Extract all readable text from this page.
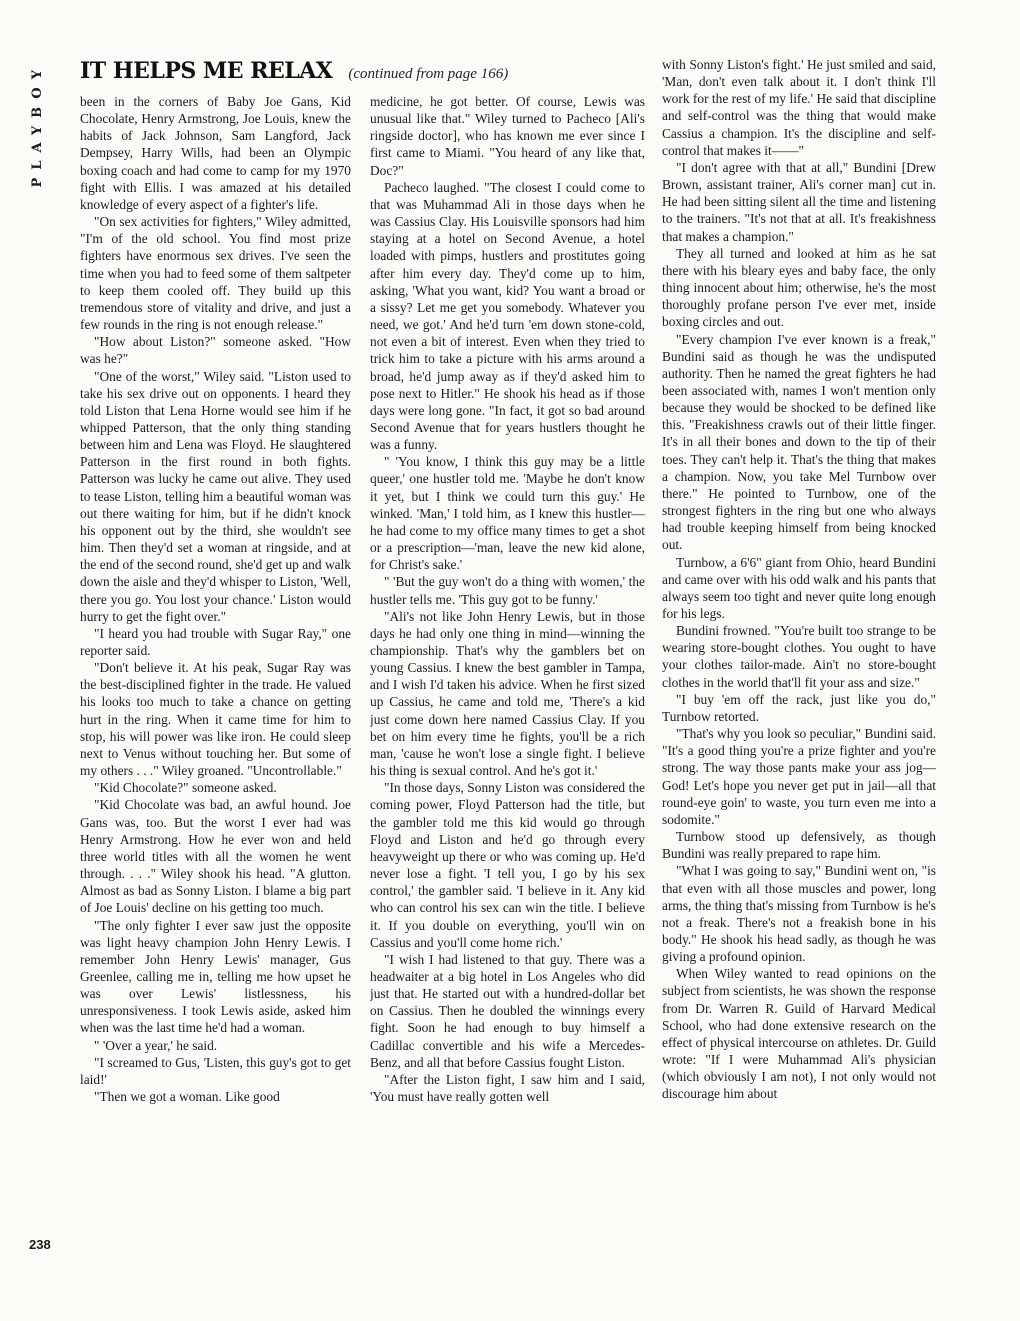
PLAYBOY	IT HELPS ME RELAX (continued from page 166)

been in the corners of Baby Joe Gans, Kid Chocolate, Henry Armstrong, Joe Louis, knew the habits of Jack Johnson, Sam Langford, Jack Dempsey, Harry Wills, had been an Olympic boxing coach and had come to camp for my 1970 fight with Ellis. I was amazed at his detailed knowledge of every aspect of a fighter's life.

"On sex activities for fighters," Wiley admitted, "I'm of the old school. You find most prize fighters have enormous sex drives. I've seen the time when you had to feed some of them saltpeter to keep them cooled off. They build up this tremendous store of vitality and drive, and just a few rounds in the ring is not enough release."

"How about Liston?" someone asked. "How was he?"

"One of the worst," Wiley said. "Liston used to take his sex drive out on opponents. I heard they told Liston that Lena Horne would see him if he whipped Patterson, that the only thing standing between him and Lena was Floyd. He slaughtered Patterson in the first round in both fights. Patterson was lucky he came out alive. They used to tease Liston, telling him a beautiful woman was out there waiting for him, but if he didn't knock his opponent out by the third, she wouldn't see him. Then they'd set a woman at ringside, and at the end of the second round, she'd get up and walk down the aisle and they'd whisper to Liston, 'Well, there you go. You lost your chance.' Liston would hurry to get the fight over."

"I heard you had trouble with Sugar Ray," one reporter said.

"Don't believe it. At his peak, Sugar Ray was the best-disciplined fighter in the trade. He valued his looks too much to take a chance on getting hurt in the ring. When it came time for him to stop, his will power was like iron. He could sleep next to Venus without touching her. But some of my others . . ." Wiley groaned. "Uncontrollable."

"Kid Chocolate?" someone asked.

"Kid Chocolate was bad, an awful hound. Joe Gans was, too. But the worst I ever had was Henry Armstrong. How he ever won and held three world titles with all the women he went through. . . ." Wiley shook his head. "A glutton. Almost as bad as Sonny Liston. I blame a big part of Joe Louis' decline on his getting too much.

"The only fighter I ever saw just the opposite was light heavy champion John Henry Lewis. I remember John Henry Lewis' manager, Gus Greenlee, calling me in, telling me how upset he was over Lewis' listlessness, his unresponsiveness. I took Lewis aside, asked him when was the last time he'd had a woman.

" 'Over a year,' he said.

"I screamed to Gus, 'Listen, this guy's got to get laid!'

"Then we got a woman. Like good

medicine, he got better. Of course, Lewis was unusual like that." Wiley turned to Pacheco [Ali's ringside doctor], who has known me ever since I first came to Miami. "You heard of any like that, Doc?"

Pacheco laughed. "The closest I could come to that was Muhammad Ali in those days when he was Cassius Clay. His Louisville sponsors had him staying at a hotel on Second Avenue, a hotel loaded with pimps, hustlers and prostitutes going after him every day. They'd come up to him, asking, 'What you want, kid? You want a broad or a sissy? Let me get you somebody. Whatever you need, we got.' And he'd turn 'em down stone-cold, not even a bit of interest. Even when they tried to trick him to take a picture with his arms around a broad, he'd jump away as if they'd asked him to pose next to Hitler." He shook his head as if those days were long gone. "In fact, it got so bad around Second Avenue that for years hustlers thought he was a funny.

" 'You know, I think this guy may be a little queer,' one hustler told me. 'Maybe he don't know it yet, but I think we could turn this guy.' He winked. 'Man,' I told him, as I knew this hustler—he had come to my office many times to get a shot or a prescription—'man, leave the new kid alone, for Christ's sake.'

" 'But the guy won't do a thing with women,' the hustler tells me. 'This guy got to be funny.'

"Ali's not like John Henry Lewis, but in those days he had only one thing in mind—winning the championship. That's why the gamblers bet on young Cassius. I knew the best gambler in Tampa, and I wish I'd taken his advice. When he first sized up Cassius, he came and told me, 'There's a kid just come down here named Cassius Clay. If you bet on him every time he fights, you'll be a rich man, 'cause he won't lose a single fight. I believe his thing is sexual control. And he's got it.'

"In those days, Sonny Liston was considered the coming power, Floyd Patterson had the title, but the gambler told me this kid would go through Floyd and Liston and he'd go through every heavyweight up there or who was coming up. He'd never lose a fight. 'I tell you, I go by his sex control,' the gambler said. 'I believe in it. Any kid who can control his sex can win the title. I believe it. If you double on everything, you'll win on Cassius and you'll come home rich.'

"I wish I had listened to that guy. There was a headwaiter at a big hotel in Los Angeles who did just that. He started out with a hundred-dollar bet on Cassius. Then he doubled the winnings every fight. Soon he had enough to buy himself a Cadillac convertible and his wife a Mercedes-Benz, and all that before Cassius fought Liston.

"After the Liston fight, I saw him and I said, 'You must have really gotten well

with Sonny Liston's fight.' He just smiled and said, 'Man, don't even talk about it. I don't think I'll work for the rest of my life.' He said that discipline and self-control was the thing that would make Cassius a champion. It's the discipline and self-control that makes it——"

"I don't agree with that at all," Bundini [Drew Brown, assistant trainer, Ali's corner man] cut in. He had been sitting silent all the time and listening to the trainers. "It's not that at all. It's freakishness that makes a champion."

They all turned and looked at him as he sat there with his bleary eyes and baby face, the only thing innocent about him; otherwise, he's the most thoroughly profane person I've ever met, inside boxing circles and out.

"Every champion I've ever known is a freak," Bundini said as though he was the undisputed authority. Then he named the great fighters he had been associated with, names I won't mention only because they would be shocked to be defined like this. "Freakishness crawls out of their little finger. It's in all their bones and down to the tip of their toes. They can't help it. That's the thing that makes a champion. Now, you take Mel Turnbow over there." He pointed to Turnbow, one of the strongest fighters in the ring but one who always had trouble keeping himself from being knocked out.

Turnbow, a 6'6" giant from Ohio, heard Bundini and came over with his odd walk and his pants that always seem too tight and never quite long enough for his legs.

Bundini frowned. "You're built too strange to be wearing store-bought clothes. You ought to have your clothes tailor-made. Ain't no store-bought clothes in the world that'll fit your ass and size."

"I buy 'em off the rack, just like you do," Turnbow retorted.

"That's why you look so peculiar," Bundini said. "It's a good thing you're a prize fighter and you're strong. The way those pants make your ass jog—God! Let's hope you never get put in jail—all that round-eye goin' to waste, you turn even me into a sodomite."

Turnbow stood up defensively, as though Bundini was really prepared to rape him.

"What I was going to say," Bundini went on, "is that even with all those muscles and power, long arms, the thing that's missing from Turnbow is he's not a freak. There's not a freakish bone in his body." He shook his head sadly, as though he was giving a profound opinion.

When Wiley wanted to read opinions on the subject from scientists, he was shown the response from Dr. Warren R. Guild of Harvard Medical School, who had done extensive research on the effect of physical intercourse on athletes. Dr. Guild wrote: "If I were Muhammad Ali's physician (which obviously I am not), I not only would not discourage him about

238
